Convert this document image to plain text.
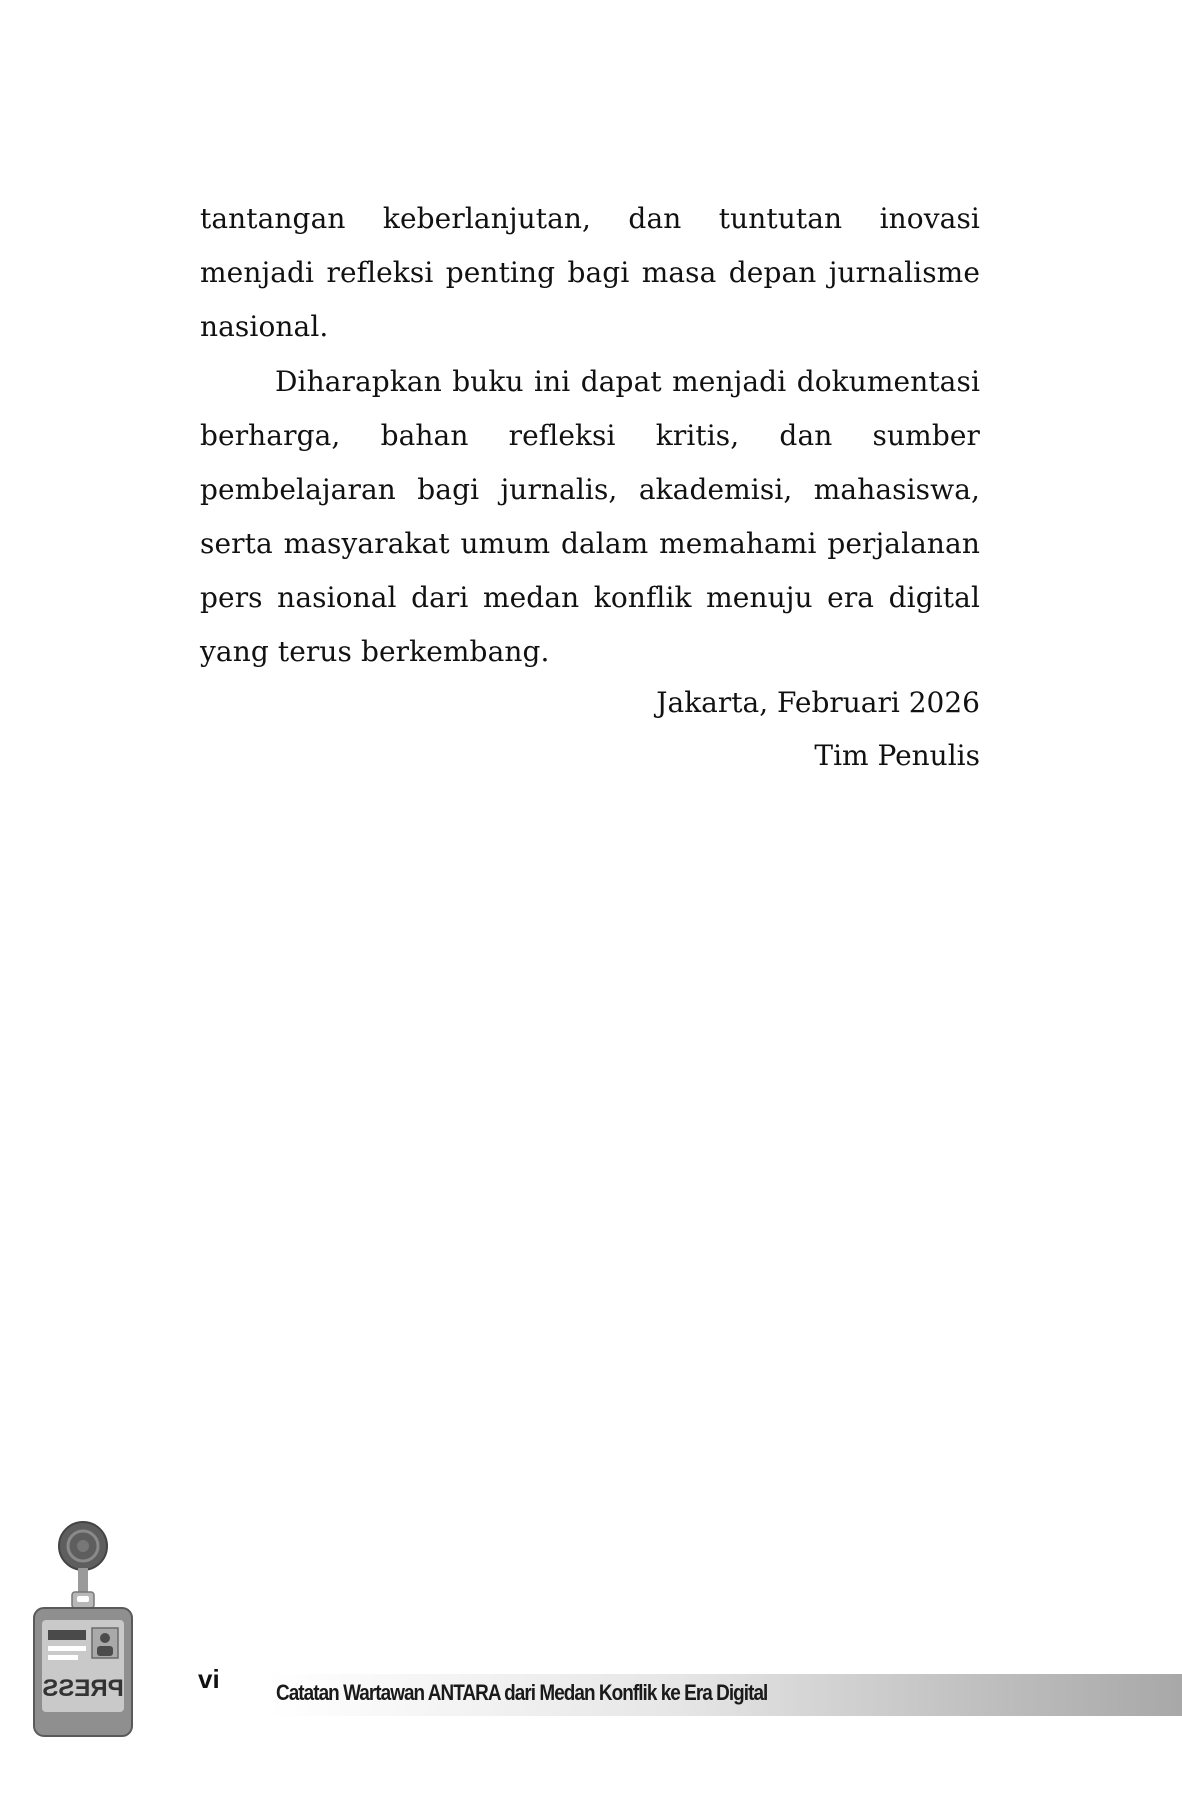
tantangan keberlanjutan, dan tuntutan inovasi menjadi refleksi penting bagi masa depan jurnalisme nasional.

Diharapkan buku ini dapat menjadi dokumentasi berharga, bahan refleksi kritis, dan sumber pembelajaran bagi jurnalis, akademisi, mahasiswa, serta masyarakat umum dalam memahami perjalanan pers nasional dari medan konflik menuju era digital yang terus berkembang.

Jakarta, Februari 2026
Tim Penulis
PRESS	vi	Catatan Wartawan ANTARA dari Medan Konflik ke Era Digital
